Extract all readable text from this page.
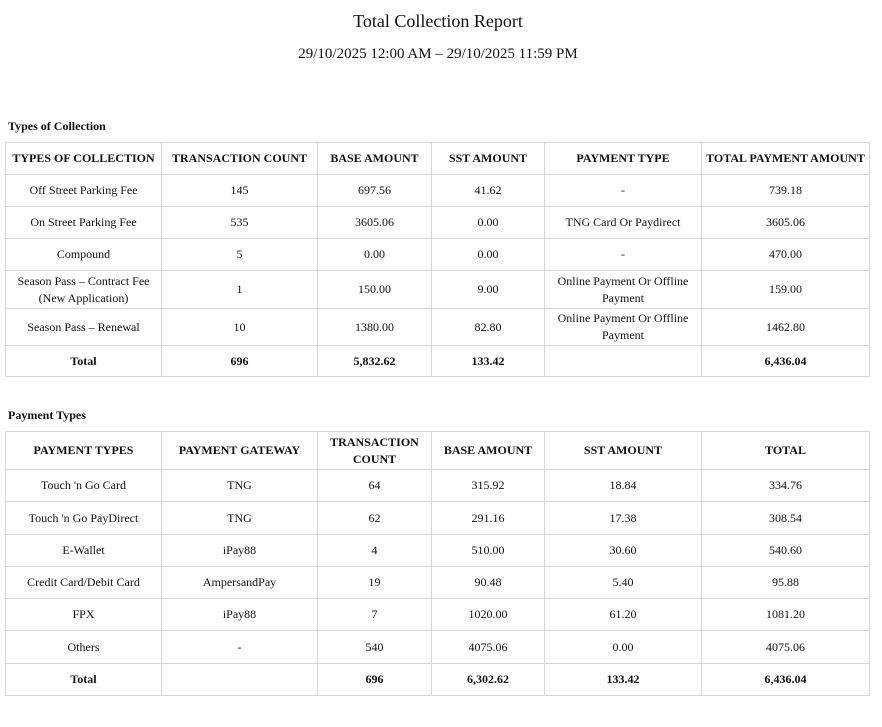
Total Collection Report
29/10/2025 12:00 AM – 29/10/2025 11:59 PM
Types of Collection
TYPES OF COLLECTION	TRANSACTION COUNT	BASE AMOUNT	SST AMOUNT	PAYMENT TYPE	TOTAL PAYMENT AMOUNT
Off Street Parking Fee	145	697.56	41.62	-	739.18
On Street Parking Fee	535	3605.06	0.00	TNG Card Or Paydirect	3605.06
Compound	5	0.00	0.00	-	470.00
Season Pass – Contract Fee (New Application)	1	150.00	9.00	Online Payment Or Offline Payment	159.00
Season Pass – Renewal	10	1380.00	82.80	Online Payment Or Offline Payment	1462.80
Total	696	5,832.62	133.42		6,436.04
Payment Types
PAYMENT TYPES	PAYMENT GATEWAY	TRANSACTION COUNT	BASE AMOUNT	SST AMOUNT	TOTAL
Touch 'n Go Card	TNG	64	315.92	18.84	334.76
Touch 'n Go PayDirect	TNG	62	291.16	17.38	308.54
E-Wallet	iPay88	4	510.00	30.60	540.60
Credit Card/Debit Card	AmpersandPay	19	90.48	5.40	95.88
FPX	iPay88	7	1020.00	61.20	1081.20
Others	-	540	4075.06	0.00	4075.06
Total		696	6,302.62	133.42	6,436.04
